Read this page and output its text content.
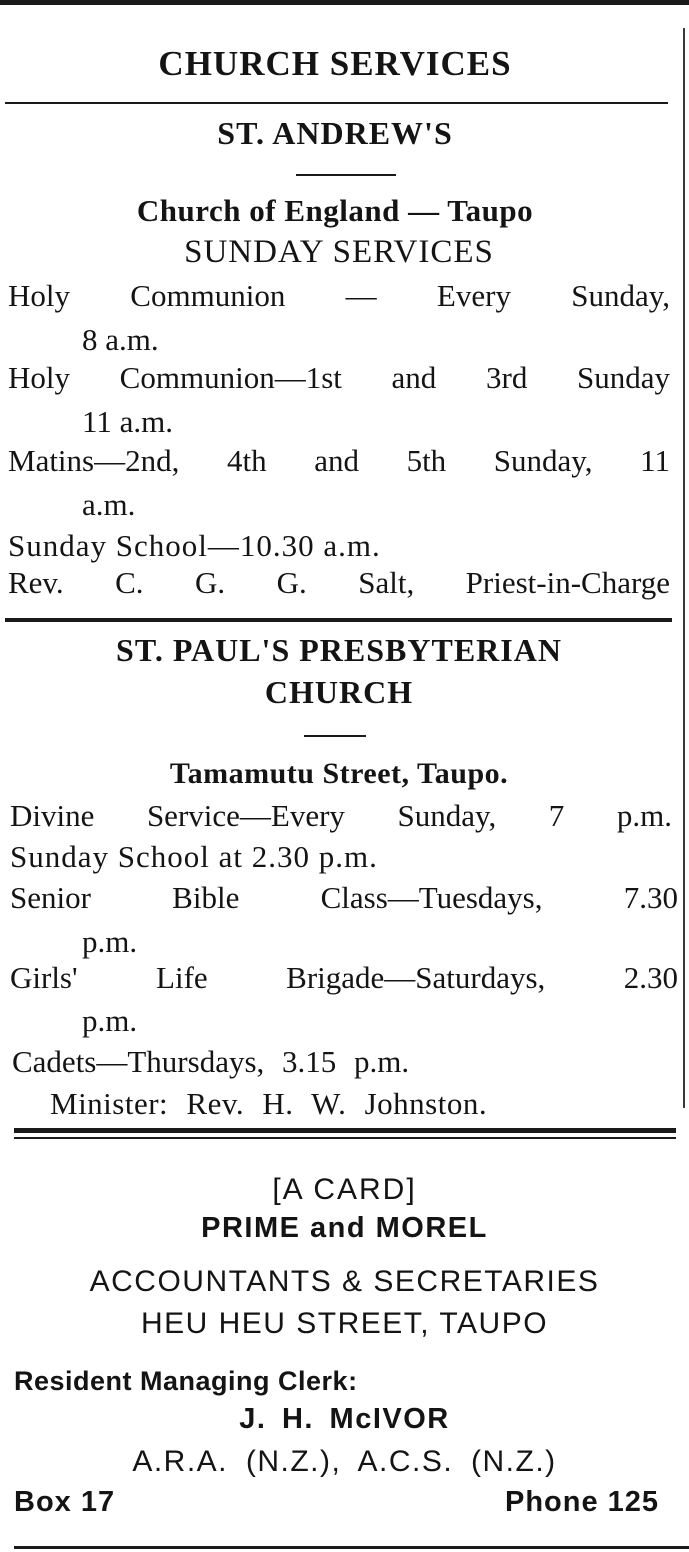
CHURCH SERVICES
ST. ANDREW'S
Church of England — Taupo
SUNDAY SERVICES
Holy Communion — Every Sunday,
8 a.m.
Holy Communion—1st and 3rd Sunday
11 a.m.
Matins—2nd, 4th and 5th Sunday, 11
a.m.
Sunday School—10.30 a.m.
Rev. C. G. G. Salt, Priest-in-Charge
ST. PAUL'S PRESBYTERIAN
CHURCH
Tamamutu Street, Taupo.
Divine Service—Every Sunday, 7 p.m.
Sunday School at 2.30 p.m.
Senior Bible Class—Tuesdays, 7.30
p.m.
Girls' Life Brigade—Saturdays, 2.30
p.m.
Cadets—Thursdays, 3.15 p.m.
Minister: Rev. H. W. Johnston.
[A CARD]
PRIME and MOREL
ACCOUNTANTS & SECRETARIES
HEU HEU STREET, TAUPO
Resident Managing Clerk:
J. H. McIVOR
A.R.A. (N.Z.), A.C.S. (N.Z.)
Box 17	Phone 125
